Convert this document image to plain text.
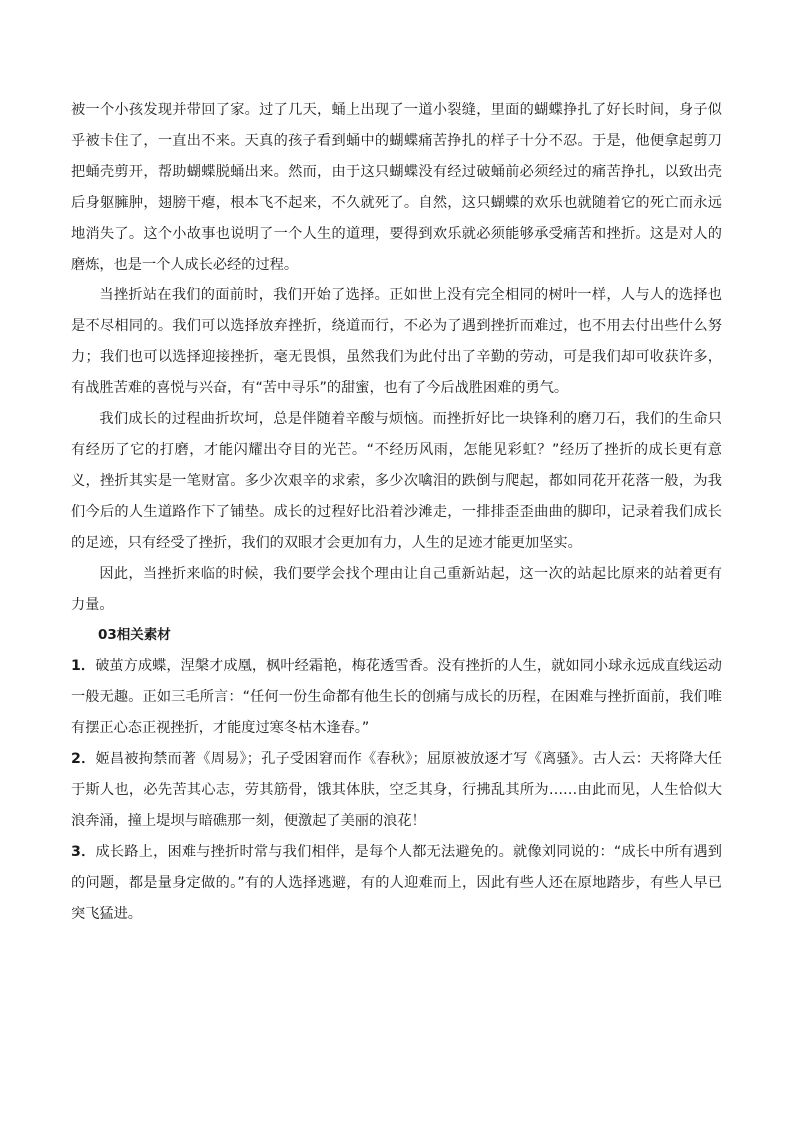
被一个小孩发现并带回了家。过了几天，蛹上出现了一道小裂缝，里面的蝴蝶挣扎了好长时间，身子似乎被卡住了，一直出不来。天真的孩子看到蛹中的蝴蝶痛苦挣扎的样子十分不忍。于是，他便拿起剪刀把蛹壳剪开，帮助蝴蝶脱蛹出来。然而，由于这只蝴蝶没有经过破蛹前必须经过的痛苦挣扎，以致出壳后身躯臃肿，翅膀干瘪，根本飞不起来，不久就死了。自然，这只蝴蝶的欢乐也就随着它的死亡而永远地消失了。这个小故事也说明了一个人生的道理，要得到欢乐就必须能够承受痛苦和挫折。这是对人的磨炼，也是一个人成长必经的过程。

当挫折站在我们的面前时，我们开始了选择。正如世上没有完全相同的树叶一样，人与人的选择也是不尽相同的。我们可以选择放弃挫折，绕道而行，不必为了遇到挫折而难过，也不用去付出些什么努力；我们也可以选择迎接挫折，毫无畏惧，虽然我们为此付出了辛勤的劳动，可是我们却可收获许多，有战胜苦难的喜悦与兴奋，有“苦中寻乐”的甜蜜，也有了今后战胜困难的勇气。

我们成长的过程曲折坎坷，总是伴随着辛酸与烦恼。而挫折好比一块锋利的磨刀石，我们的生命只有经历了它的打磨，才能闪耀出夺目的光芒。“不经历风雨，怎能见彩虹？”经历了挫折的成长更有意义，挫折其实是一笔财富。多少次艰辛的求索，多少次噙泪的跌倒与爬起，都如同花开花落一般，为我们今后的人生道路作下了铺垫。成长的过程好比沿着沙滩走，一排排歪歪曲曲的脚印，记录着我们成长的足迹，只有经受了挫折，我们的双眼才会更加有力，人生的足迹才能更加坚实。

因此，当挫折来临的时候，我们要学会找个理由让自己重新站起，这一次的站起比原来的站着更有力量。

03相关素材

1．破茧方成蝶，涅槃才成凰，枫叶经霜艳，梅花透雪香。没有挫折的人生，就如同小球永远成直线运动一般无趣。正如三毛所言：“任何一份生命都有他生长的创痛与成长的历程，在困难与挫折面前，我们唯有摆正心态正视挫折，才能度过寒冬枯木逢春。”

2．姬昌被拘禁而著《周易》；孔子受困窘而作《春秋》；屈原被放逐才写《离骚》。古人云：天将降大任于斯人也，必先苦其心志，劳其筋骨，饿其体肤，空乏其身，行拂乱其所为……由此而见，人生恰似大浪奔涌，撞上堤坝与暗礁那一刻，便激起了美丽的浪花！

3．成长路上，困难与挫折时常与我们相伴，是每个人都无法避免的。就像刘同说的：“成长中所有遇到的问题，都是量身定做的。”有的人选择逃避，有的人迎难而上，因此有些人还在原地踏步，有些人早已突飞猛进。
